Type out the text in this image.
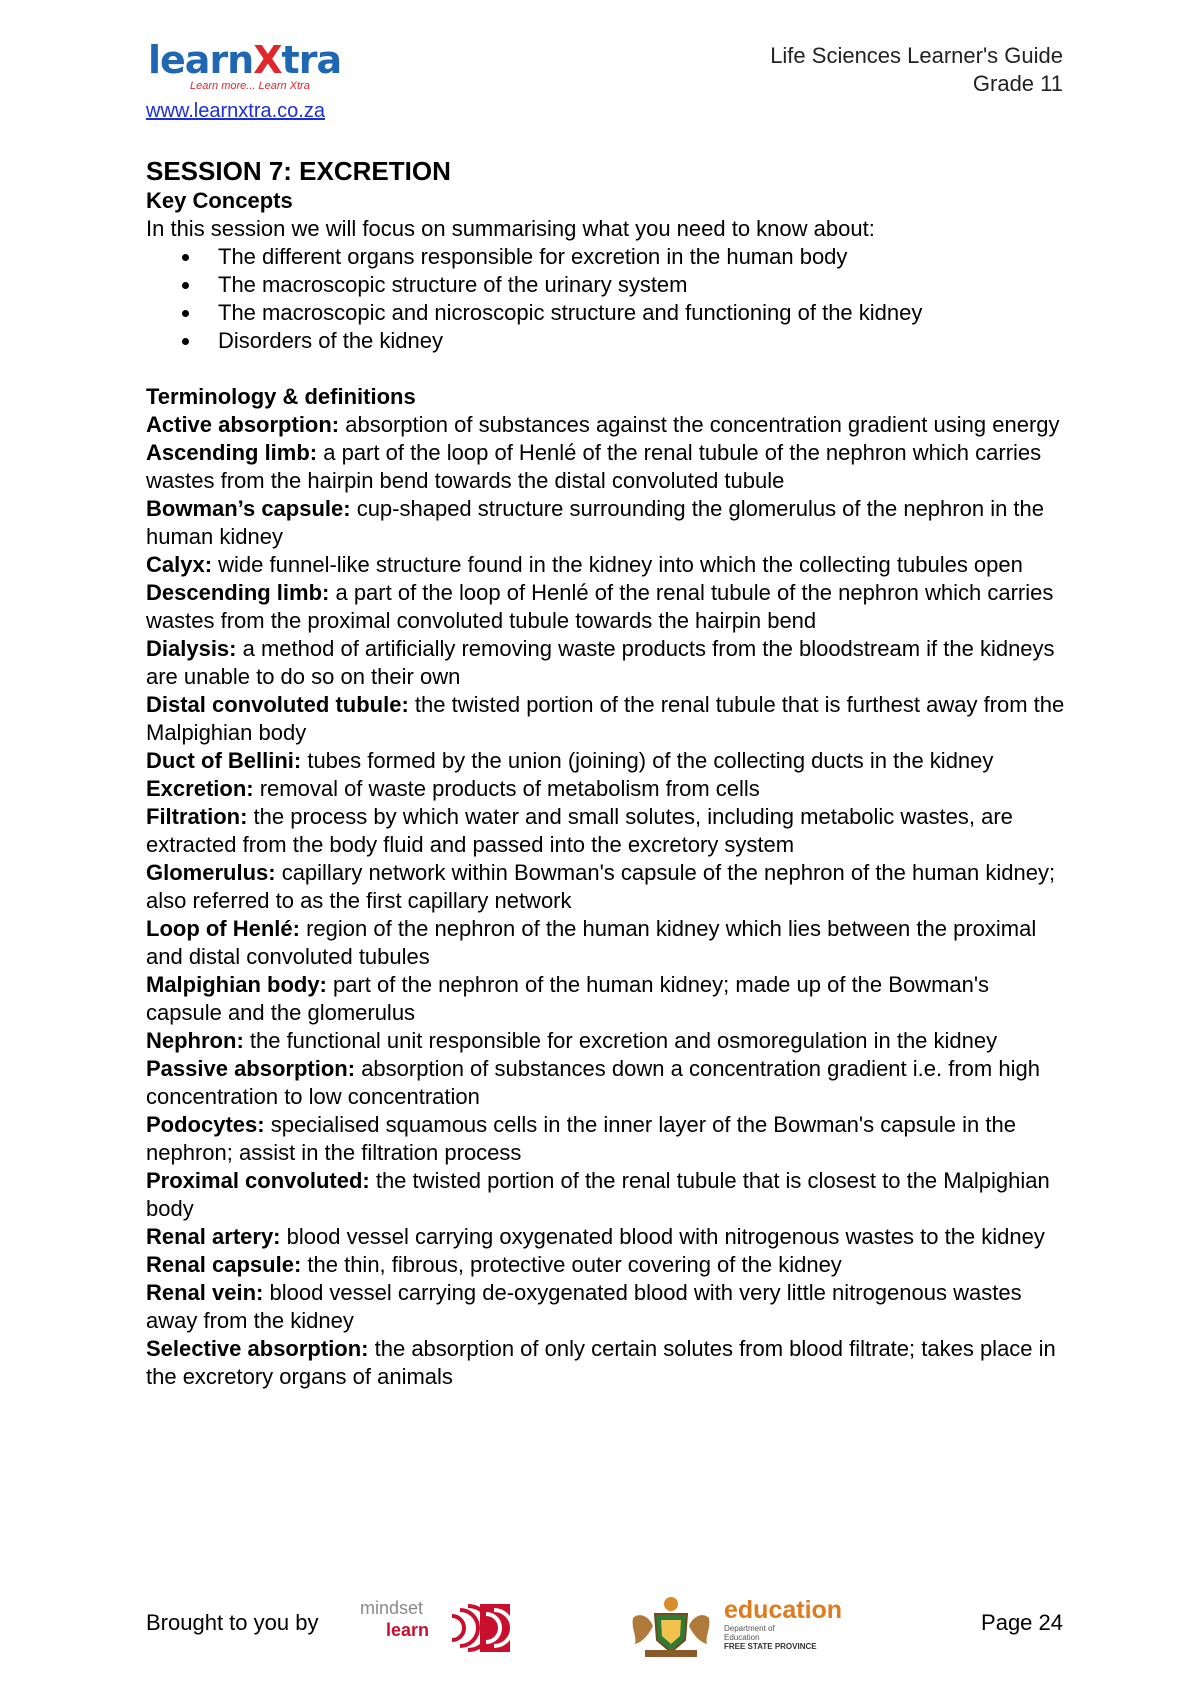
learnXtra
Learn more... Learn Xtra
www.learnxtra.co.za
Life Sciences Learner's Guide
Grade 11
SESSION 7: EXCRETION
Key Concepts

In this session we will focus on summarising what you need to know about:

The different organs responsible for excretion in the human body
The macroscopic structure of the urinary system
The macroscopic and nicroscopic structure and functioning of the kidney
Disorders of the kidney
Terminology & definitions

Active absorption: absorption of substances against the concentration gradient using energy

Ascending limb: a part of the loop of Henlé of the renal tubule of the nephron which carries wastes from the hairpin bend towards the distal convoluted tubule

Bowman’s capsule: cup-shaped structure surrounding the glomerulus of the nephron in the human kidney

Calyx: wide funnel-like structure found in the kidney into which the collecting tubules open

Descending limb: a part of the loop of Henlé of the renal tubule of the nephron which carries wastes from the proximal convoluted tubule towards the hairpin bend

Dialysis: a method of artificially removing waste products from the bloodstream if the kidneys are unable to do so on their own

Distal convoluted tubule: the twisted portion of the renal tubule that is furthest away from the Malpighian body

Duct of Bellini: tubes formed by the union (joining) of the collecting ducts in the kidney

Excretion: removal of waste products of metabolism from cells

Filtration: the process by which water and small solutes, including metabolic wastes, are extracted from the body fluid and passed into the excretory system

Glomerulus: capillary network within Bowman's capsule of the nephron of the human kidney; also referred to as the first capillary network

Loop of Henlé: region of the nephron of the human kidney which lies between the proximal and distal convoluted tubules

Malpighian body: part of the nephron of the human kidney; made up of the Bowman's capsule and the glomerulus

Nephron: the functional unit responsible for excretion and osmoregulation in the kidney

Passive absorption: absorption of substances down a concentration gradient i.e. from high concentration to low concentration

Podocytes: specialised squamous cells in the inner layer of the Bowman's capsule in the nephron; assist in the filtration process

Proximal convoluted: the twisted portion of the renal tubule that is closest to the Malpighian body

Renal artery: blood vessel carrying oxygenated blood with nitrogenous wastes to the kidney

Renal capsule: the thin, fibrous, protective outer covering of the kidney

Renal vein: blood vessel carrying de-oxygenated blood with very little nitrogenous wastes away from the kidney

Selective absorption: the absorption of only certain solutes from blood filtrate; takes place in the excretory organs of animals

Brought to you by
mindset
learn
education
Department of
Education
FREE STATE PROVINCE
Page 24
